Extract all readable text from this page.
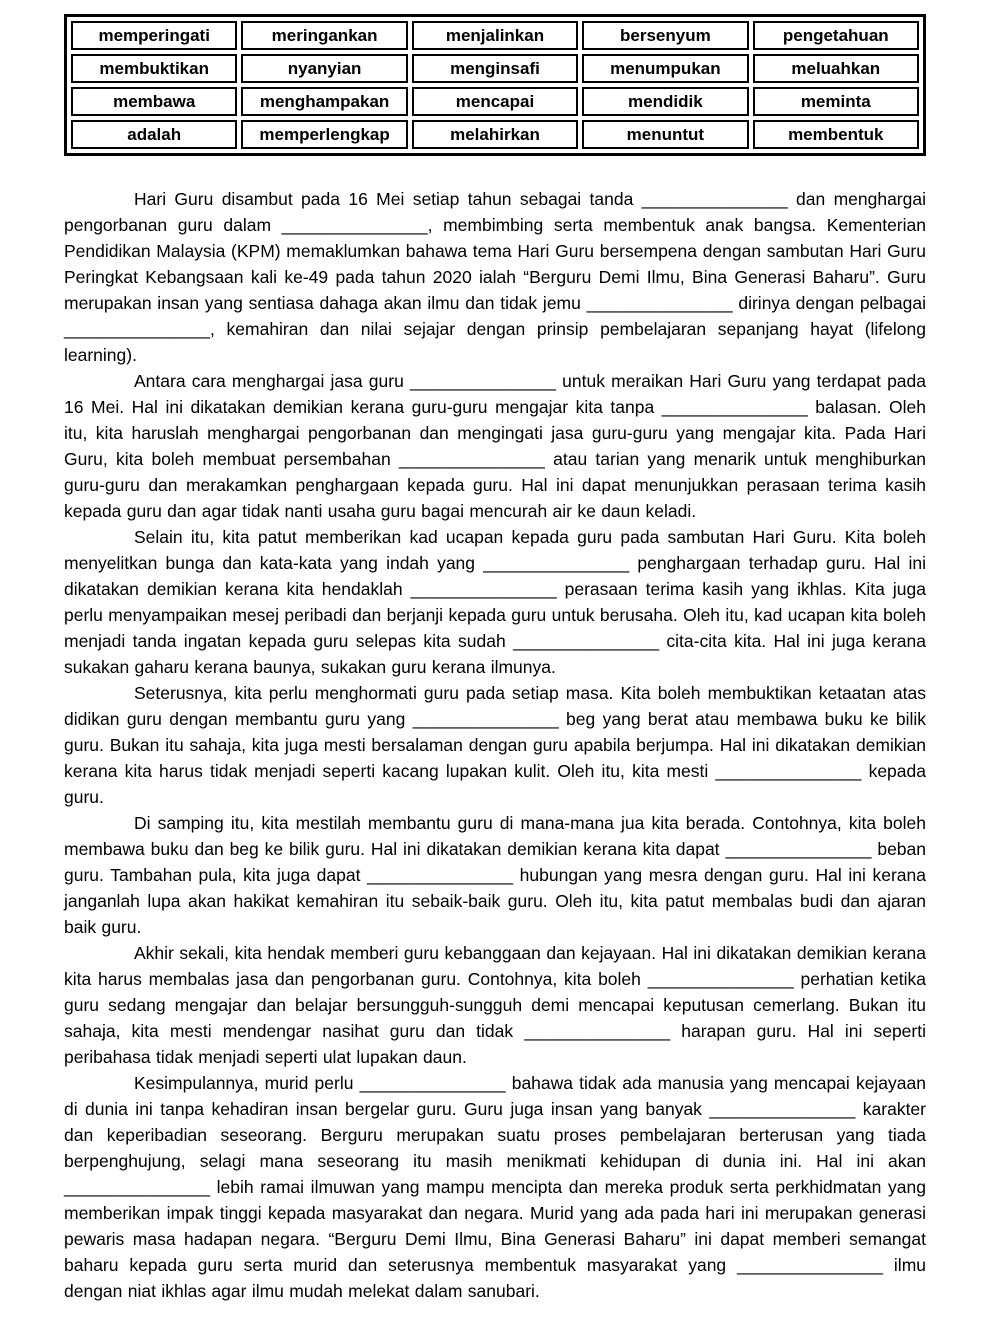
memperingati	meringankan	menjalinkan	bersenyum	pengetahuan
membuktikan	nyanyian	menginsafi	menumpukan	meluahkan
membawa	menghampakan	mencapai	mendidik	meminta
adalah	memperlengkap	melahirkan	menuntut	membentuk

Hari Guru disambut pada 16 Mei setiap tahun sebagai tanda _______________ dan menghargai pengorbanan guru dalam _______________, membimbing serta membentuk anak bangsa. Kementerian Pendidikan Malaysia (KPM) memaklumkan bahawa tema Hari Guru bersempena dengan sambutan Hari Guru Peringkat Kebangsaan kali ke-49 pada tahun 2020 ialah “Berguru Demi Ilmu, Bina Generasi Baharu”. Guru merupakan insan yang sentiasa dahaga akan ilmu dan tidak jemu _______________ dirinya dengan pelbagai _______________, kemahiran dan nilai sejajar dengan prinsip pembelajaran sepanjang hayat (lifelong learning).

Antara cara menghargai jasa guru _______________ untuk meraikan Hari Guru yang terdapat pada 16 Mei. Hal ini dikatakan demikian kerana guru-guru mengajar kita tanpa _______________ balasan. Oleh itu, kita haruslah menghargai pengorbanan dan mengingati jasa guru-guru yang mengajar kita. Pada Hari Guru, kita boleh membuat persembahan _______________ atau tarian yang menarik untuk menghiburkan guru-guru dan merakamkan penghargaan kepada guru. Hal ini dapat menunjukkan perasaan terima kasih kepada guru dan agar tidak nanti usaha guru bagai mencurah air ke daun keladi.

Selain itu, kita patut memberikan kad ucapan kepada guru pada sambutan Hari Guru. Kita boleh menyelitkan bunga dan kata-kata yang indah yang _______________ penghargaan terhadap guru. Hal ini dikatakan demikian kerana kita hendaklah _______________ perasaan terima kasih yang ikhlas. Kita juga perlu menyampaikan mesej peribadi dan berjanji kepada guru untuk berusaha. Oleh itu, kad ucapan kita boleh menjadi tanda ingatan kepada guru selepas kita sudah _______________ cita-cita kita. Hal ini juga kerana sukakan gaharu kerana baunya, sukakan guru kerana ilmunya.

Seterusnya, kita perlu menghormati guru pada setiap masa. Kita boleh membuktikan ketaatan atas didikan guru dengan membantu guru yang _______________ beg yang berat atau membawa buku ke bilik guru. Bukan itu sahaja, kita juga mesti bersalaman dengan guru apabila berjumpa. Hal ini dikatakan demikian kerana kita harus tidak menjadi seperti kacang lupakan kulit. Oleh itu, kita mesti _______________ kepada guru.

Di samping itu, kita mestilah membantu guru di mana-mana jua kita berada. Contohnya, kita boleh membawa buku dan beg ke bilik guru. Hal ini dikatakan demikian kerana kita dapat _______________ beban guru. Tambahan pula, kita juga dapat _______________ hubungan yang mesra dengan guru. Hal ini kerana janganlah lupa akan hakikat kemahiran itu sebaik-baik guru. Oleh itu, kita patut membalas budi dan ajaran baik guru.

Akhir sekali, kita hendak memberi guru kebanggaan dan kejayaan. Hal ini dikatakan demikian kerana kita harus membalas jasa dan pengorbanan guru. Contohnya, kita boleh _______________ perhatian ketika guru sedang mengajar dan belajar bersungguh-sungguh demi mencapai keputusan cemerlang. Bukan itu sahaja, kita mesti mendengar nasihat guru dan tidak _______________ harapan guru. Hal ini seperti peribahasa tidak menjadi seperti ulat lupakan daun.

Kesimpulannya, murid perlu _______________ bahawa tidak ada manusia yang mencapai kejayaan di dunia ini tanpa kehadiran insan bergelar guru. Guru juga insan yang banyak _______________ karakter dan keperibadian seseorang. Berguru merupakan suatu proses pembelajaran berterusan yang tiada berpenghujung, selagi mana seseorang itu masih menikmati kehidupan di dunia ini. Hal ini akan _______________ lebih ramai ilmuwan yang mampu mencipta dan mereka produk serta perkhidmatan yang memberikan impak tinggi kepada masyarakat dan negara. Murid yang ada pada hari ini merupakan generasi pewaris masa hadapan negara. “Berguru Demi Ilmu, Bina Generasi Baharu” ini dapat memberi semangat baharu kepada guru serta murid dan seterusnya membentuk masyarakat yang _______________ ilmu dengan niat ikhlas agar ilmu mudah melekat dalam sanubari.
